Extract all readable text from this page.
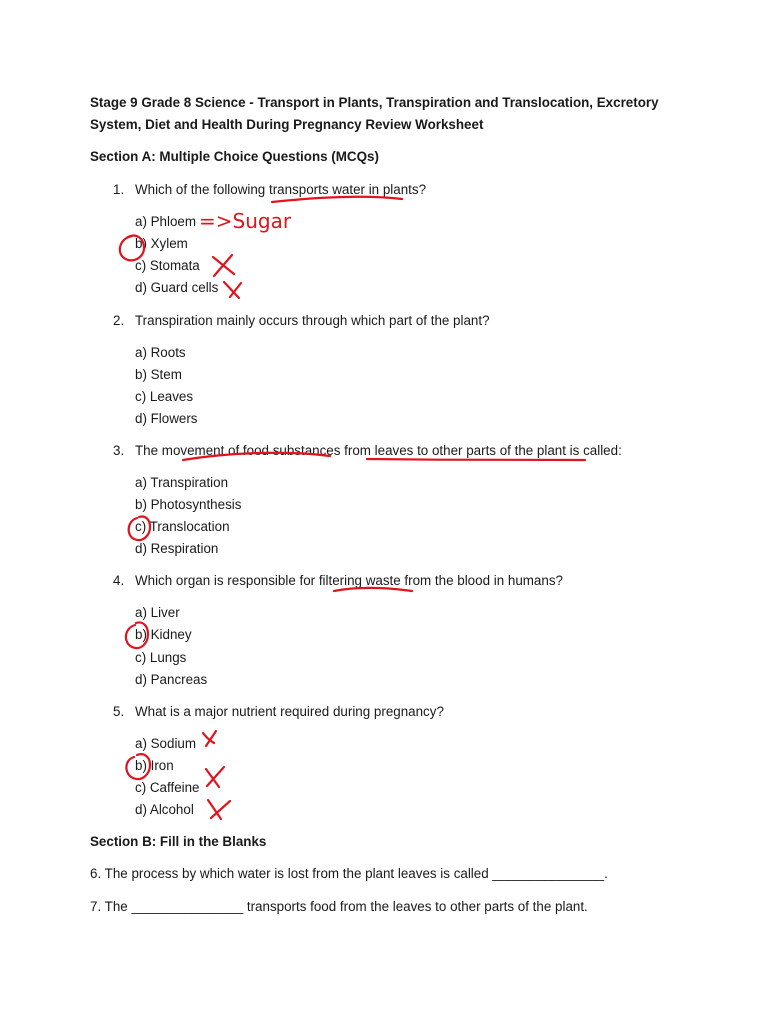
Stage 9 Grade 8 Science - Transport in Plants, Transpiration and Translocation, Excretory System, Diet and Health During Pregnancy Review Worksheet
Section A: Multiple Choice Questions (MCQs)
1. Which of the following transports water in plants?
a) Phloem
b) Xylem
c) Stomata
d) Guard cells
2. Transpiration mainly occurs through which part of the plant?
a) Roots
b) Stem
c) Leaves
d) Flowers
3. The movement of food substances from leaves to other parts of the plant is called:
a) Transpiration
b) Photosynthesis
c) Translocation
d) Respiration
4. Which organ is responsible for filtering waste from the blood in humans?
a) Liver
b) Kidney
c) Lungs
d) Pancreas
5. What is a major nutrient required during pregnancy?
a) Sodium
b) Iron
c) Caffeine
d) Alcohol
Section B: Fill in the Blanks
6. The process by which water is lost from the plant leaves is called _______________.
7. The _______________ transports food from the leaves to other parts of the plant.
=>Sugar
